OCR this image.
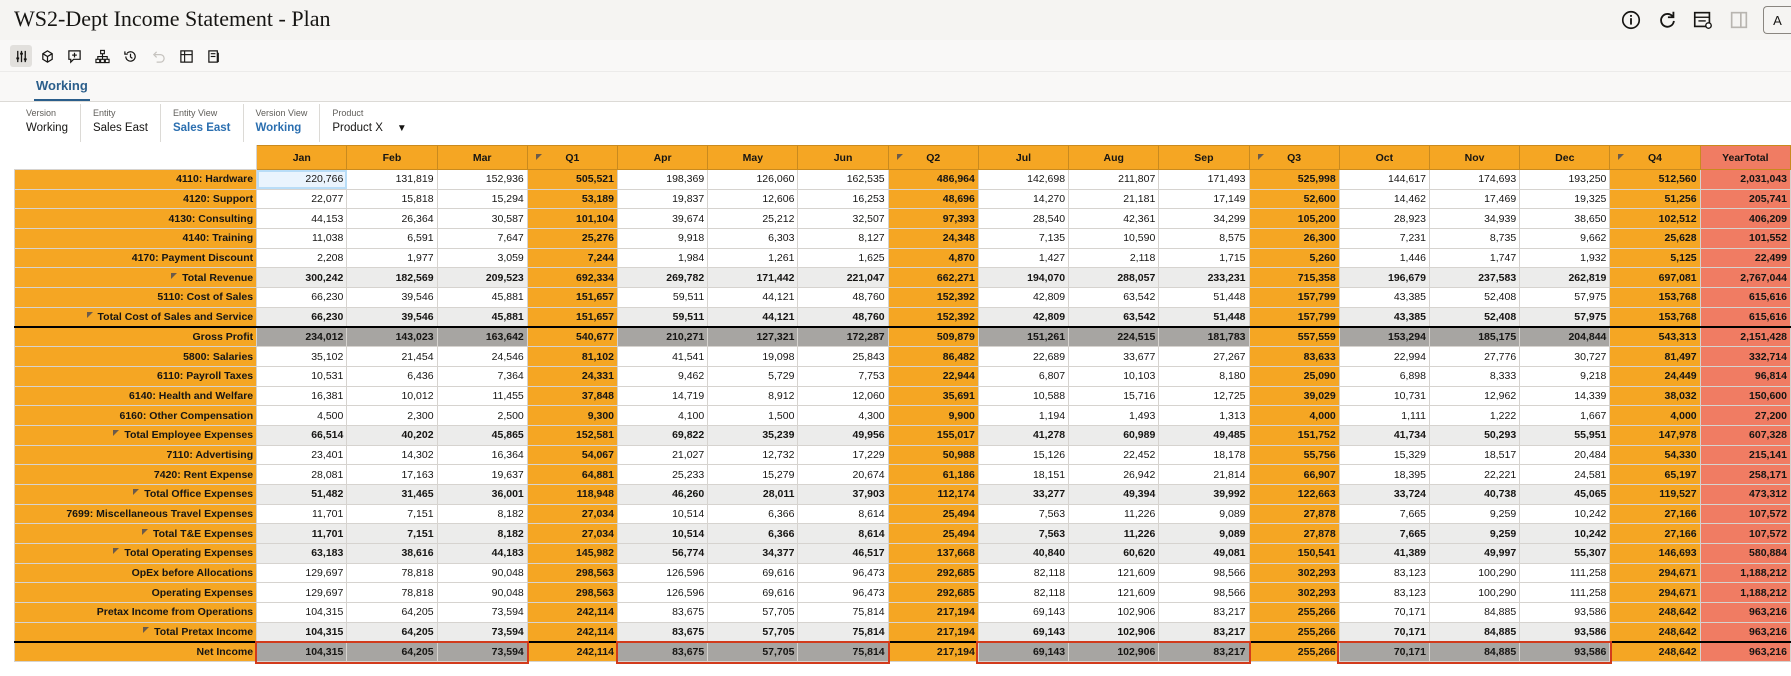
WS2-Dept Income Statement - Plan	A
Working
Version
Working
Entity
Sales East
Entity View
Sales East
Version View
Working
Product
Product X ▼
	Jan	Feb	Mar	Q1	Apr	May	Jun	Q2	Jul	Aug	Sep	Q3	Oct	Nov	Dec	Q4	YearTotal
4110: Hardware	220,766	131,819	152,936	505,521	198,369	126,060	162,535	486,964	142,698	211,807	171,493	525,998	144,617	174,693	193,250	512,560	2,031,043
4120: Support	22,077	15,818	15,294	53,189	19,837	12,606	16,253	48,696	14,270	21,181	17,149	52,600	14,462	17,469	19,325	51,256	205,741
4130: Consulting	44,153	26,364	30,587	101,104	39,674	25,212	32,507	97,393	28,540	42,361	34,299	105,200	28,923	34,939	38,650	102,512	406,209
4140: Training	11,038	6,591	7,647	25,276	9,918	6,303	8,127	24,348	7,135	10,590	8,575	26,300	7,231	8,735	9,662	25,628	101,552
4170: Payment Discount	2,208	1,977	3,059	7,244	1,984	1,261	1,625	4,870	1,427	2,118	1,715	5,260	1,446	1,747	1,932	5,125	22,499
Total Revenue	300,242	182,569	209,523	692,334	269,782	171,442	221,047	662,271	194,070	288,057	233,231	715,358	196,679	237,583	262,819	697,081	2,767,044
5110: Cost of Sales	66,230	39,546	45,881	151,657	59,511	44,121	48,760	152,392	42,809	63,542	51,448	157,799	43,385	52,408	57,975	153,768	615,616
Total Cost of Sales and Service	66,230	39,546	45,881	151,657	59,511	44,121	48,760	152,392	42,809	63,542	51,448	157,799	43,385	52,408	57,975	153,768	615,616
Gross Profit	234,012	143,023	163,642	540,677	210,271	127,321	172,287	509,879	151,261	224,515	181,783	557,559	153,294	185,175	204,844	543,313	2,151,428
5800: Salaries	35,102	21,454	24,546	81,102	41,541	19,098	25,843	86,482	22,689	33,677	27,267	83,633	22,994	27,776	30,727	81,497	332,714
6110: Payroll Taxes	10,531	6,436	7,364	24,331	9,462	5,729	7,753	22,944	6,807	10,103	8,180	25,090	6,898	8,333	9,218	24,449	96,814
6140: Health and Welfare	16,381	10,012	11,455	37,848	14,719	8,912	12,060	35,691	10,588	15,716	12,725	39,029	10,731	12,962	14,339	38,032	150,600
6160: Other Compensation	4,500	2,300	2,500	9,300	4,100	1,500	4,300	9,900	1,194	1,493	1,313	4,000	1,111	1,222	1,667	4,000	27,200
Total Employee Expenses	66,514	40,202	45,865	152,581	69,822	35,239	49,956	155,017	41,278	60,989	49,485	151,752	41,734	50,293	55,951	147,978	607,328
7110: Advertising	23,401	14,302	16,364	54,067	21,027	12,732	17,229	50,988	15,126	22,452	18,178	55,756	15,329	18,517	20,484	54,330	215,141
7420: Rent Expense	28,081	17,163	19,637	64,881	25,233	15,279	20,674	61,186	18,151	26,942	21,814	66,907	18,395	22,221	24,581	65,197	258,171
Total Office Expenses	51,482	31,465	36,001	118,948	46,260	28,011	37,903	112,174	33,277	49,394	39,992	122,663	33,724	40,738	45,065	119,527	473,312
7699: Miscellaneous Travel Expenses	11,701	7,151	8,182	27,034	10,514	6,366	8,614	25,494	7,563	11,226	9,089	27,878	7,665	9,259	10,242	27,166	107,572
Total T&E Expenses	11,701	7,151	8,182	27,034	10,514	6,366	8,614	25,494	7,563	11,226	9,089	27,878	7,665	9,259	10,242	27,166	107,572
Total Operating Expenses	63,183	38,616	44,183	145,982	56,774	34,377	46,517	137,668	40,840	60,620	49,081	150,541	41,389	49,997	55,307	146,693	580,884
OpEx before Allocations	129,697	78,818	90,048	298,563	126,596	69,616	96,473	292,685	82,118	121,609	98,566	302,293	83,123	100,290	111,258	294,671	1,188,212
Operating Expenses	129,697	78,818	90,048	298,563	126,596	69,616	96,473	292,685	82,118	121,609	98,566	302,293	83,123	100,290	111,258	294,671	1,188,212
Pretax Income from Operations	104,315	64,205	73,594	242,114	83,675	57,705	75,814	217,194	69,143	102,906	83,217	255,266	70,171	84,885	93,586	248,642	963,216
Total Pretax Income	104,315	64,205	73,594	242,114	83,675	57,705	75,814	217,194	69,143	102,906	83,217	255,266	70,171	84,885	93,586	248,642	963,216
Net Income	104,315	64,205	73,594	242,114	83,675	57,705	75,814	217,194	69,143	102,906	83,217	255,266	70,171	84,885	93,586	248,642	963,216
